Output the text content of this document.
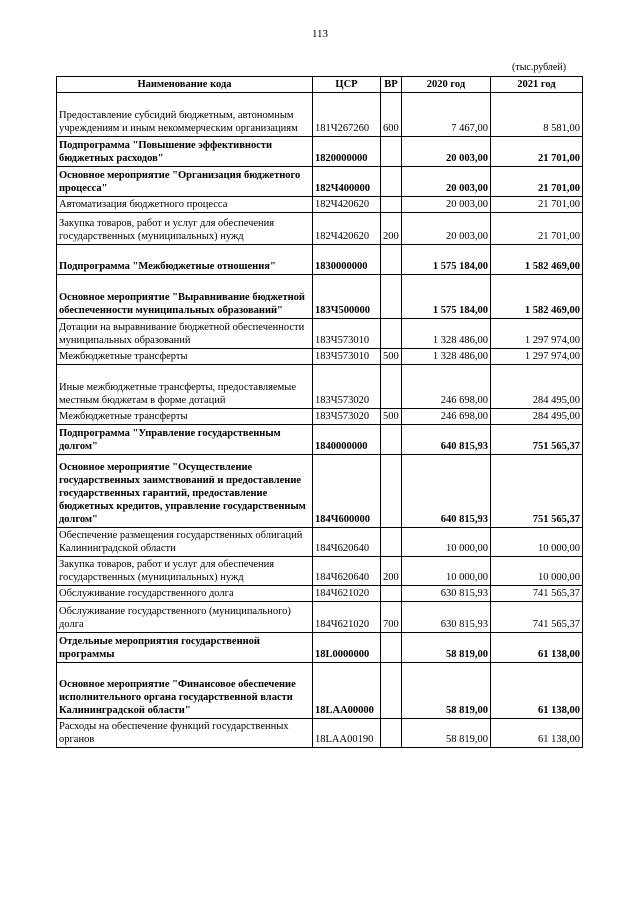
113
(тыс.рублей)
Наименование кода	ЦСР	ВР	2020 год	2021 год
Предоставление субсидий бюджетным, автономным учреждениям и иным некоммерческим организациям	181Ч267260	600	7 467,00	8 581,00
Подпрограмма "Повышение эффективности бюджетных расходов"	1820000000		20 003,00	21 701,00
Основное мероприятие "Организация бюджетного процесса"	182Ч400000		20 003,00	21 701,00
Автоматизация бюджетного процесса	182Ч420620		20 003,00	21 701,00
Закупка товаров, работ и услуг для обеспечения государственных (муниципальных) нужд	182Ч420620	200	20 003,00	21 701,00
Подпрограмма "Межбюджетные отношения"	1830000000		1 575 184,00	1 582 469,00
Основное мероприятие "Выравнивание бюджетной обеспеченности муниципальных образований"	183Ч500000		1 575 184,00	1 582 469,00
Дотации на выравнивание бюджетной обеспеченности муниципальных образований	183Ч573010		1 328 486,00	1 297 974,00
Межбюджетные трансферты	183Ч573010	500	1 328 486,00	1 297 974,00
Иные межбюджетные трансферты, предоставляемые местным бюджетам в форме дотаций	183Ч573020		246 698,00	284 495,00
Межбюджетные трансферты	183Ч573020	500	246 698,00	284 495,00
Подпрограмма "Управление государственным долгом"	1840000000		640 815,93	751 565,37
Основное мероприятие "Осуществление государственных заимствований и предоставление государственных гарантий, предоставление бюджетных кредитов, управление государственным долгом"	184Ч600000		640 815,93	751 565,37
Обеспечение размещения государственных облигаций Калининградской области	184Ч620640		10 000,00	10 000,00
Закупка товаров, работ и услуг для обеспечения государственных (муниципальных) нужд	184Ч620640	200	10 000,00	10 000,00
Обслуживание государственного долга	184Ч621020		630 815,93	741 565,37
Обслуживание государственного (муниципального) долга	184Ч621020	700	630 815,93	741 565,37
Отдельные мероприятия государственной программы	18L0000000		58 819,00	61 138,00
Основное мероприятие "Финансовое обеспечение исполнительного органа государственной власти Калининградской области"	18LAA00000		58 819,00	61 138,00
Расходы на обеспечение функций государственных органов	18LAA00190		58 819,00	61 138,00
